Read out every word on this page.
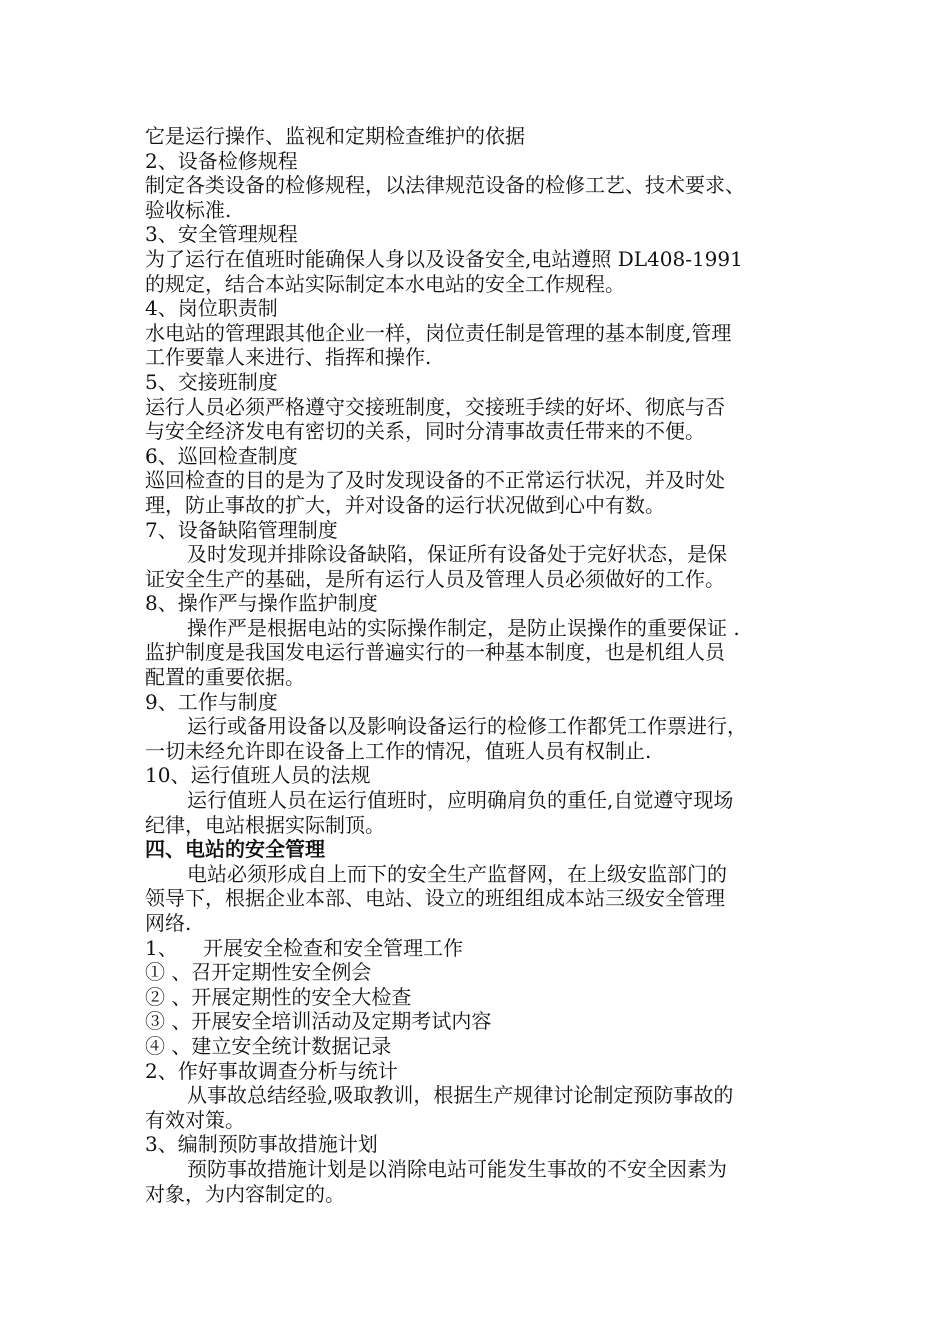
它是运行操作、监视和定期检查维护的依据
2、设备检修规程
制定各类设备的检修规程，以法律规范设备的检修工艺、技术要求、
验收标准.
3、安全管理规程
为了运行在值班时能确保人身以及设备安全,电站遵照 DL408-1991
的规定，结合本站实际制定本水电站的安全工作规程。
4、岗位职责制
水电站的管理跟其他企业一样，岗位责任制是管理的基本制度,管理
工作要靠人来进行、指挥和操作.
5、交接班制度
运行人员必须严格遵守交接班制度，交接班手续的好坏、彻底与否
与安全经济发电有密切的关系，同时分清事故责任带来的不便。
6、巡回检查制度
巡回检查的目的是为了及时发现设备的不正常运行状况，并及时处
理，防止事故的扩大，并对设备的运行状况做到心中有数。
7、设备缺陷管理制度
及时发现并排除设备缺陷，保证所有设备处于完好状态，是保
证安全生产的基础，是所有运行人员及管理人员必须做好的工作。
8、操作严与操作监护制度
操作严是根据电站的实际操作制定，是防止误操作的重要保证 .
监护制度是我国发电运行普遍实行的一种基本制度，也是机组人员
配置的重要依据。
9、工作与制度
运行或备用设备以及影响设备运行的检修工作都凭工作票进行，
一切未经允许即在设备上工作的情况，值班人员有权制止.
10、运行值班人员的法规
运行值班人员在运行值班时，应明确肩负的重任,自觉遵守现场
纪律，电站根据实际制顶。
四、电站的安全管理
电站必须形成自上而下的安全生产监督网，在上级安监部门的
领导下，根据企业本部、电站、设立的班组组成本站三级安全管理
网络.
1、    开展安全检查和安全管理工作
① 、召开定期性安全例会
② 、开展定期性的安全大检查
③ 、开展安全培训活动及定期考试内容
④ 、建立安全统计数据记录
2、作好事故调查分析与统计
从事故总结经验,吸取教训，根据生产规律讨论制定预防事故的
有效对策。
3、编制预防事故措施计划
预防事故措施计划是以消除电站可能发生事故的不安全因素为
对象，为内容制定的。
